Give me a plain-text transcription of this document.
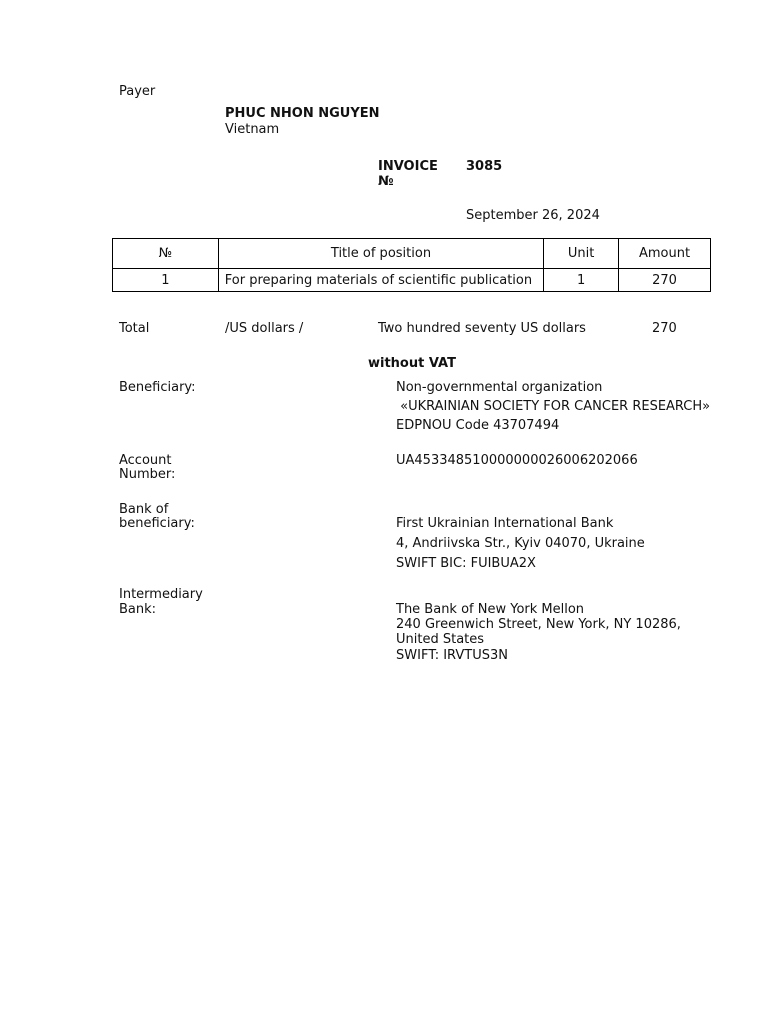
Payer
PHUC NHON NGUYEN
Vietnam
INVOICE
№
3085
September 26, 2024
№	Title of position	Unit	Amount
1	For preparing materials of scientific publication	1	270
Total	/US dollars /	Two hundred seventy US dollars	270
without VAT
Beneficiary:	Non-governmental organization
«UKRAINIAN SOCIETY FOR CANCER RESEARCH»
EDPNOU Code 43707494
Account
Number:
UA453348510000000026006202066
Bank of
beneficiary:	First Ukrainian International Bank
4, Andriivska Str., Kyiv 04070, Ukraine
SWIFT BIC: FUIBUA2X
Intermediary
Bank:	The Bank of New York Mellon
240 Greenwich Street, New York, NY 10286,
United States
SWIFT: IRVTUS3N
